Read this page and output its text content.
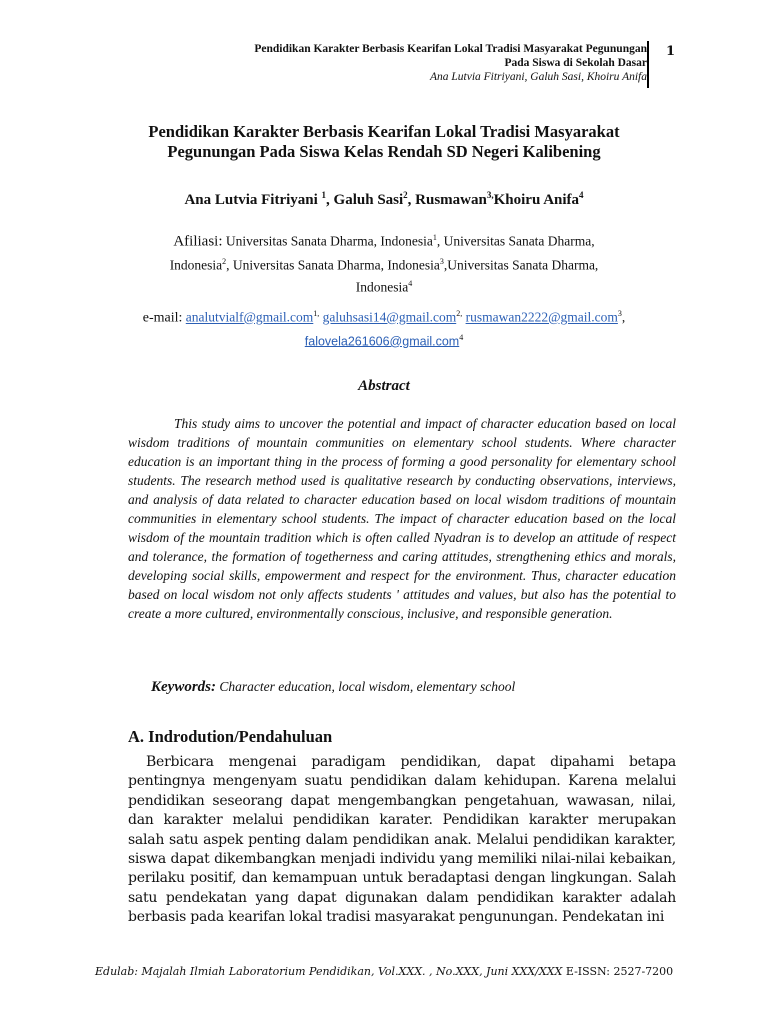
Pendidikan Karakter Berbasis Kearifan Lokal Tradisi Masyarakat Pegunungan
Pada Siswa di Sekolah Dasar
Ana Lutvia Fitriyani, Galuh Sasi, Khoiru Anifa
1
Pendidikan Karakter Berbasis Kearifan Lokal Tradisi Masyarakat
Pegunungan Pada Siswa Kelas Rendah SD Negeri Kalibening
Ana Lutvia Fitriyani $^1$, Galuh Sasi$^2$, Rusmawan$^{3,}$Khoiru Anifa$^4$
Afiliasi: Universitas Sanata Dharma, Indonesia$^1$, Universitas Sanata Dharma, Indonesia$^2$, Universitas Sanata Dharma, Indonesia$^3$,Universitas Sanata Dharma, Indonesia$^4$
e-mail: analutvialf@gmail.com$^{1,}$ galuhsasi14@gmail.com$^{2,}$ rusmawan2222@gmail.com$^3$,
falovela261606@gmail.com$^4$
Abstract

This study aims to uncover the potential and impact of character education based on local wisdom traditions of mountain communities on elementary school students. Where character education is an important thing in the process of forming a good personality for elementary school students. The research method used is qualitative research by conducting observations, interviews, and analysis of data related to character education based on local wisdom traditions of mountain communities in elementary school students. The impact of character education based on the local wisdom of the mountain tradition which is often called Nyadran is to develop an attitude of respect and tolerance, the formation of togetherness and caring attitudes, strengthening ethics and morals, developing social skills, empowerment and respect for the environment. Thus, character education based on local wisdom not only affects students ' attitudes and values, but also has the potential to create a more cultured, environmentally conscious, inclusive, and responsible generation.

Keywords: Character education, local wisdom, elementary school
A. Indrodution/Pendahuluan

Berbicara mengenai paradigam pendidikan, dapat dipahami betapa pentingnya mengenyam suatu pendidikan dalam kehidupan. Karena melalui pendidikan seseorang dapat mengembangkan pengetahuan, wawasan, nilai, dan karakter melalui pendidikan karater. Pendidikan karakter merupakan salah satu aspek penting dalam pendidikan anak. Melalui pendidikan karakter, siswa dapat dikembangkan menjadi individu yang memiliki nilai-nilai kebaikan, perilaku positif, dan kemampuan untuk beradaptasi dengan lingkungan. Salah satu pendekatan yang dapat digunakan dalam pendidikan karakter adalah berbasis pada kearifan lokal tradisi masyarakat pengunungan. Pendekatan ini

Edulab: Majalah Ilmiah Laboratorium Pendidikan, Vol.XXX. , No.XXX, Juni XXX/XXX E-ISSN: 2527-7200
